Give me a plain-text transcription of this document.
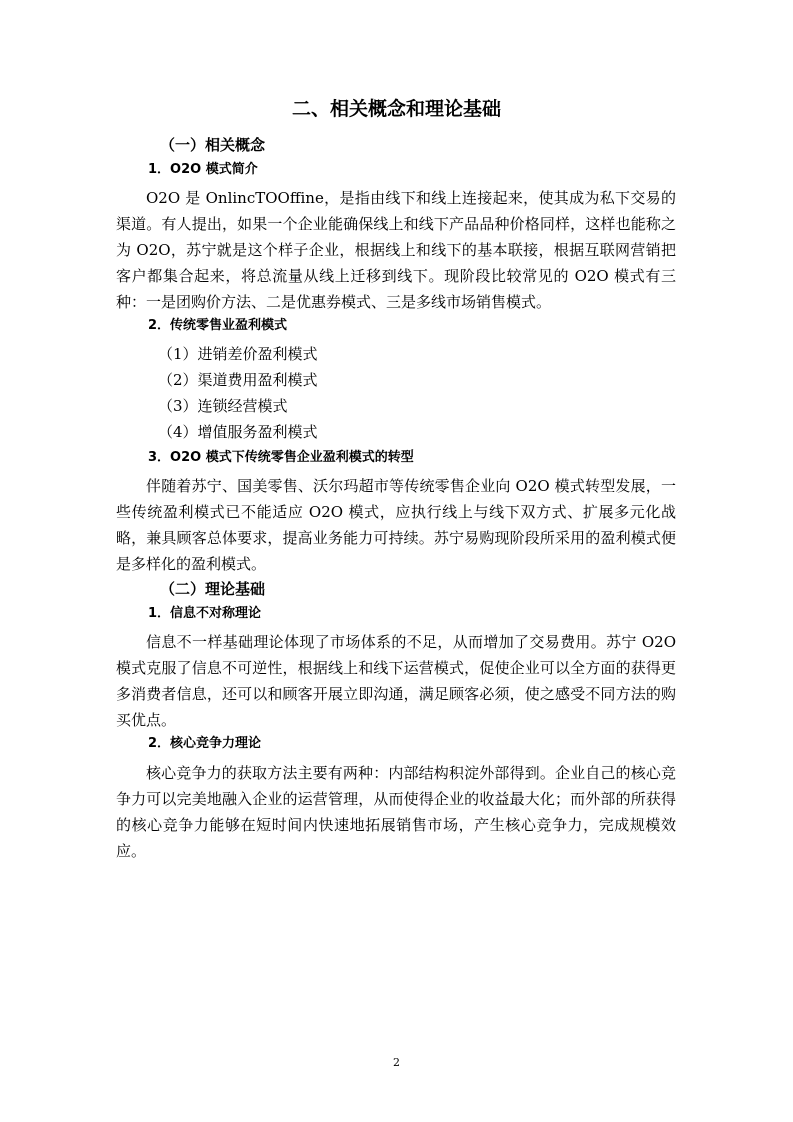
二、相关概念和理论基础
（一）相关概念
1．O2O 模式简介

O2O 是 OnlincTOOffine，是指由线下和线上连接起来，使其成为私下交易的渠道。有人提出，如果一个企业能确保线上和线下产品品种价格同样，这样也能称之为 O2O，苏宁就是这个样子企业，根据线上和线下的基本联接，根据互联网营销把客户都集合起来，将总流量从线上迁移到线下。现阶段比较常见的 O2O 模式有三种：一是团购价方法、二是优惠券模式、三是多线市场销售模式。

2．传统零售业盈利模式
（1）进销差价盈利模式
（2）渠道费用盈利模式
（3）连锁经营模式
（4）增值服务盈利模式
3．O2O 模式下传统零售企业盈利模式的转型

伴随着苏宁、国美零售、沃尔玛超市等传统零售企业向 O2O 模式转型发展，一些传统盈利模式已不能适应 O2O 模式，应执行线上与线下双方式、扩展多元化战略，兼具顾客总体要求，提高业务能力可持续。苏宁易购现阶段所采用的盈利模式便是多样化的盈利模式。

（二）理论基础
1．信息不对称理论

信息不一样基础理论体现了市场体系的不足，从而增加了交易费用。苏宁 O2O 模式克服了信息不可逆性，根据线上和线下运营模式，促使企业可以全方面的获得更多消费者信息，还可以和顾客开展立即沟通，满足顾客必须，使之感受不同方法的购买优点。

2．核心竞争力理论

核心竞争力的获取方法主要有两种：内部结构积淀外部得到。企业自己的核心竞争力可以完美地融入企业的运营管理，从而使得企业的收益最大化；而外部的所获得的核心竞争力能够在短时间内快速地拓展销售市场，产生核心竞争力，完成规模效应。

2
